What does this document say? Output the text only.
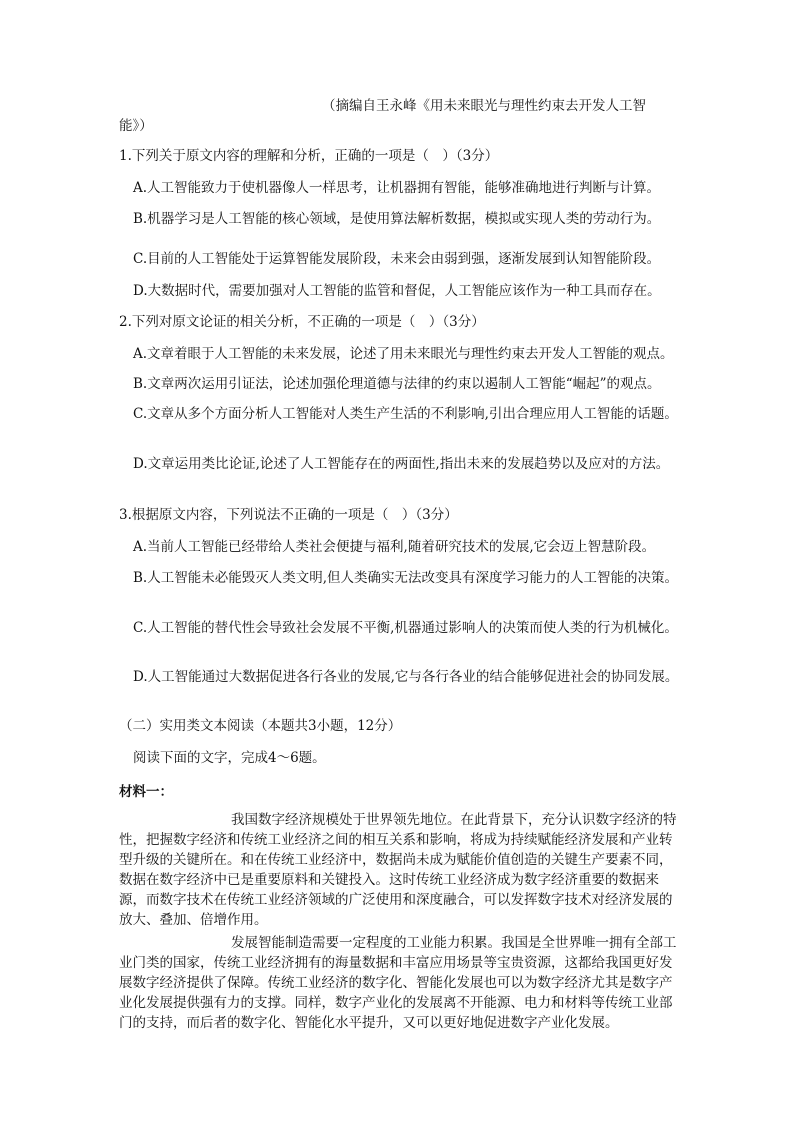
（摘编自王永峰《用未来眼光与理性约束去开发人工智
能》）
1.下列关于原文内容的理解和分析，正确的一项是（　）（3分）
A.人工智能致力于使机器像人一样思考，让机器拥有智能，能够准确地进行判断与计算。
B.机器学习是人工智能的核心领域，是使用算法解析数据，模拟或实现人类的劳动行为。
C.目前的人工智能处于运算智能发展阶段，未来会由弱到强，逐渐发展到认知智能阶段。
D.大数据时代，需要加强对人工智能的监管和督促，人工智能应该作为一种工具而存在。
2.下列对原文论证的相关分析，不正确的一项是（　）（3分）
A.文章着眼于人工智能的未来发展，论述了用未来眼光与理性约束去开发人工智能的观点。
B.文章两次运用引证法，论述加强伦理道德与法律的约束以遏制人工智能“崛起”的观点。
C.文章从多个方面分析人工智能对人类生产生活的不利影响,引出合理应用人工智能的话题。
D.文章运用类比论证,论述了人工智能存在的两面性,指出未来的发展趋势以及应对的方法。
3.根据原文内容，下列说法不正确的一项是（　）（3分）
A.当前人工智能已经带给人类社会便捷与福利,随着研究技术的发展,它会迈上智慧阶段。
B.人工智能未必能毁灭人类文明,但人类确实无法改变具有深度学习能力的人工智能的决策。
C.人工智能的替代性会导致社会发展不平衡,机器通过影响人的决策而使人类的行为机械化。
D.人工智能通过大数据促进各行各业的发展,它与各行各业的结合能够促进社会的协同发展。
（二）实用类文本阅读（本题共3小题，12分）
阅读下面的文字，完成4～6题。
材料一：
我国数字经济规模处于世界领先地位。在此背景下，充分认识数字经济的特性，把握数字经济和传统工业经济之间的相互关系和影响，将成为持续赋能经济发展和产业转型升级的关键所在。和在传统工业经济中，数据尚未成为赋能价值创造的关键生产要素不同，数据在数字经济中已是重要原料和关键投入。这时传统工业经济成为数字经济重要的数据来源，而数字技术在传统工业经济领域的广泛使用和深度融合，可以发挥数字技术对经济发展的放大、叠加、倍增作用。
发展智能制造需要一定程度的工业能力积累。我国是全世界唯一拥有全部工业门类的国家，传统工业经济拥有的海量数据和丰富应用场景等宝贵资源，这都给我国更好发展数字经济提供了保障。传统工业经济的数字化、智能化发展也可以为数字经济尤其是数字产业化发展提供强有力的支撑。同样，数字产业化的发展离不开能源、电力和材料等传统工业部门的支持，而后者的数字化、智能化水平提升，又可以更好地促进数字产业化发展。
